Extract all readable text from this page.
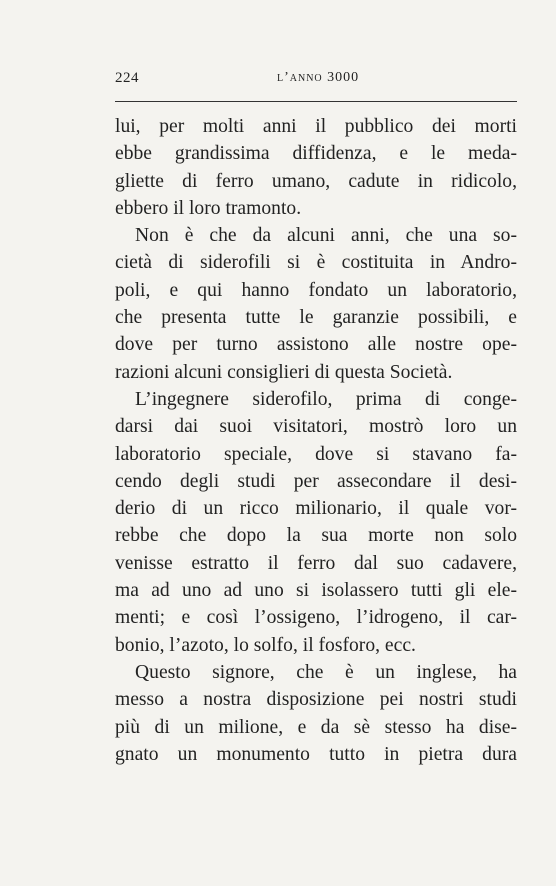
224	l’anno 3000
lui, per molti anni il pubblico dei morti
ebbe grandissima diffidenza, e le meda-
gliette di ferro umano, cadute in ridicolo,
ebbero il loro tramonto.
Non è che da alcuni anni, che una so-
cietà di siderofili si è costituita in Andro-
poli, e qui hanno fondato un laboratorio,
che presenta tutte le garanzie possibili, e
dove per turno assistono alle nostre ope-
razioni alcuni consiglieri di questa Società.
L’ingegnere siderofilo, prima di conge-
darsi dai suoi visitatori, mostrò loro un
laboratorio speciale, dove si stavano fa-
cendo degli studi per assecondare il desi-
derio di un ricco milionario, il quale vor-
rebbe che dopo la sua morte non solo
venisse estratto il ferro dal suo cadavere,
ma ad uno ad uno si isolassero tutti gli ele-
menti; e così l’ossigeno, l’idrogeno, il car-
bonio, l’azoto, lo solfo, il fosforo, ecc.
Questo signore, che è un inglese, ha
messo a nostra disposizione pei nostri studi
più di un milione, e da sè stesso ha dise-
gnato un monumento tutto in pietra dura
